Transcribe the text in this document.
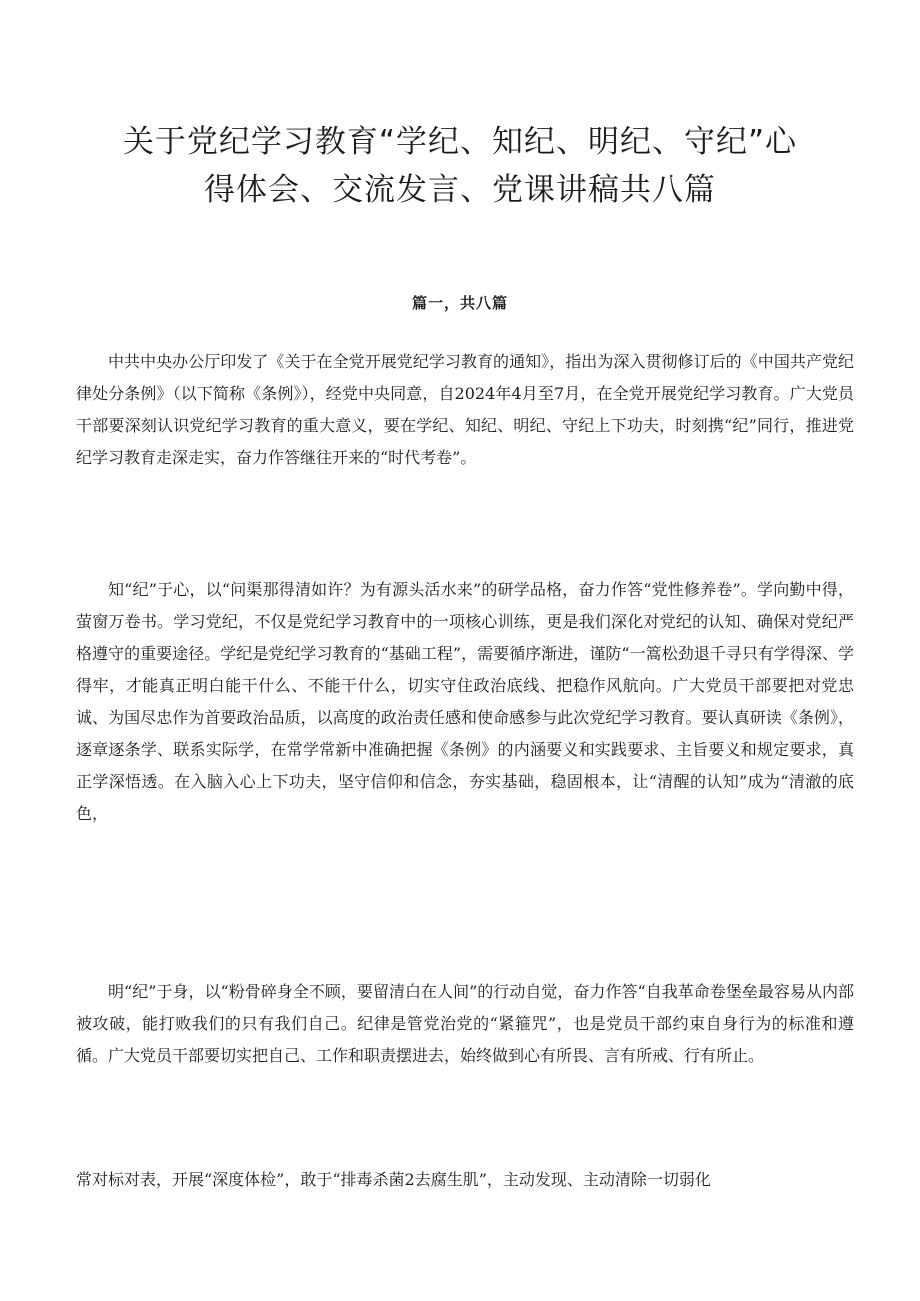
关于党纪学习教育“学纪、知纪、明纪、守纪”心
得体会、交流发言、党课讲稿共八篇
篇一，共八篇

中共中央办公厅印发了《关于在全党开展党纪学习教育的通知》，指出为深入贯彻修订后的《中国共产党纪律处分条例》（以下简称《条例》），经党中央同意，自2024年4月至7月，在全党开展党纪学习教育。广大党员干部要深刻认识党纪学习教育的重大意义，要在学纪、知纪、明纪、守纪上下功夫，时刻携“纪”同行，推进党纪学习教育走深走实，奋力作答继往开来的“时代考卷”。

知“纪”于心，以“问渠那得清如许？为有源头活水来”的研学品格，奋力作答“党性修养卷”。学向勤中得，萤窗万卷书。学习党纪，不仅是党纪学习教育中的一项核心训练，更是我们深化对党纪的认知、确保对党纪严格遵守的重要途径。学纪是党纪学习教育的“基础工程”，需要循序渐进，谨防“一篙松劲退千寻只有学得深、学得牢，才能真正明白能干什么、不能干什么，切实守住政治底线、把稳作风航向。广大党员干部要把对党忠诚、为国尽忠作为首要政治品质，以高度的政治责任感和使命感参与此次党纪学习教育。要认真研读《条例》，逐章逐条学、联系实际学，在常学常新中准确把握《条例》的内涵要义和实践要求、主旨要义和规定要求，真正学深悟透。在入脑入心上下功夫，坚守信仰和信念，夯实基础，稳固根本，让“清醒的认知”成为“清澈的底色，

明“纪”于身，以“粉骨碎身全不顾，要留清白在人间”的行动自觉，奋力作答“自我革命卷堡垒最容易从内部被攻破，能打败我们的只有我们自己。纪律是管党治党的“紧箍咒”，也是党员干部约束自身行为的标准和遵循。广大党员干部要切实把自己、工作和职责摆进去，始终做到心有所畏、言有所戒、行有所止。

常对标对表，开展“深度体检”，敢于“排毒杀菌2去腐生肌”，主动发现、主动清除一切弱化
